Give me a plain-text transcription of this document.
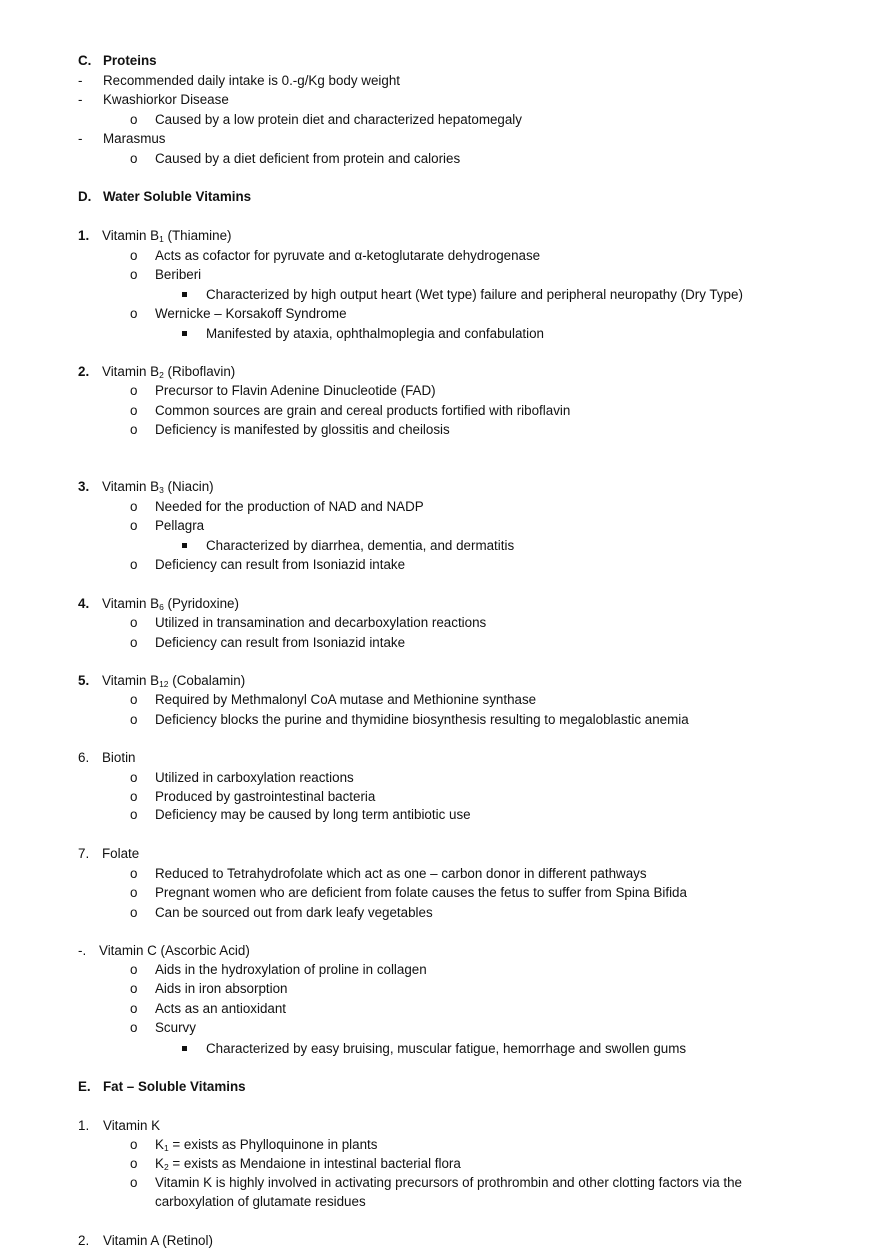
C. Proteins
- Recommended daily intake is 0.-g/Kg body weight
- Kwashiorkor Disease
o Caused by a low protein diet and characterized hepatomegaly
- Marasmus
o Caused by a diet deficient from protein and calories
D. Water Soluble Vitamins
1. Vitamin $B_1$ (Thiamine)
o Acts as cofactor for pyruvate and α-ketoglutarate dehydrogenase
o Beriberi
Characterized by high output heart (Wet type) failure and peripheral neuropathy (Dry Type)
o Wernicke – Korsakoff Syndrome
Manifested by ataxia, ophthalmoplegia and confabulation
2. Vitamin $B_2$ (Riboflavin)
o Precursor to Flavin Adenine Dinucleotide (FAD)
o Common sources are grain and cereal products fortified with riboflavin
o Deficiency is manifested by glossitis and cheilosis
3. Vitamin $B_3$ (Niacin)
o Needed for the production of NAD and NADP
o Pellagra
Characterized by diarrhea, dementia, and dermatitis
o Deficiency can result from Isoniazid intake
4. Vitamin $B_6$ (Pyridoxine)
o Utilized in transamination and decarboxylation reactions
o Deficiency can result from Isoniazid intake
5. Vitamin $B_{12}$ (Cobalamin)
o Required by Methmalonyl CoA mutase and Methionine synthase
o Deficiency blocks the purine and thymidine biosynthesis resulting to megaloblastic anemia
6. Biotin
o Utilized in carboxylation reactions
o Produced by gastrointestinal bacteria
o Deficiency may be caused by long term antibiotic use
7. Folate
o Reduced to Tetrahydrofolate which act as one – carbon donor in different pathways
o Pregnant women who are deficient from folate causes the fetus to suffer from Spina Bifida
o Can be sourced out from dark leafy vegetables
-. Vitamin C (Ascorbic Acid)
o Aids in the hydroxylation of proline in collagen
o Aids in iron absorption
o Acts as an antioxidant
o Scurvy
Characterized by easy bruising, muscular fatigue, hemorrhage and swollen gums
E. Fat – Soluble Vitamins
1. Vitamin K
o $K_1$ = exists as Phylloquinone in plants
o $K_2$ = exists as Mendaione in intestinal bacterial flora
o Vitamin K is highly involved in activating precursors of prothrombin and other clotting factors via the
carboxylation of glutamate residues
2. Vitamin A (Retinol)
